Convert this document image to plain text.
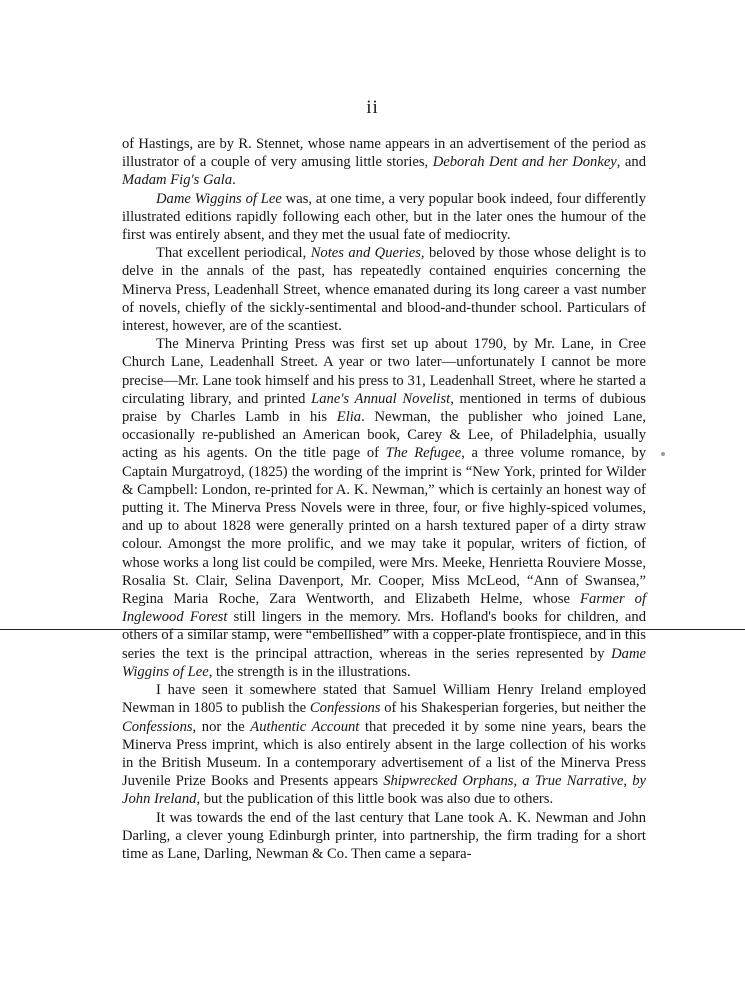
ii

of Hastings, are by R. Stennet, whose name appears in an advertisement of the period as illustrator of a couple of very amusing little stories, Deborah Dent and her Donkey, and Madam Fig's Gala.

Dame Wiggins of Lee was, at one time, a very popular book indeed, four differently illustrated editions rapidly following each other, but in the later ones the humour of the first was entirely absent, and they met the usual fate of mediocrity.

That excellent periodical, Notes and Queries, beloved by those whose delight is to delve in the annals of the past, has repeatedly contained enquiries concerning the Minerva Press, Leadenhall Street, whence emanated during its long career a vast number of novels, chiefly of the sickly-sentimental and blood-and-thunder school. Particulars of interest, however, are of the scantiest.

The Minerva Printing Press was first set up about 1790, by Mr. Lane, in Cree Church Lane, Leadenhall Street. A year or two later—unfortunately I cannot be more precise—Mr. Lane took himself and his press to 31, Leadenhall Street, where he started a circulating library, and printed Lane's Annual Novelist, mentioned in terms of dubious praise by Charles Lamb in his Elia. Newman, the publisher who joined Lane, occasionally re-published an American book, Carey & Lee, of Philadelphia, usually acting as his agents. On the title page of The Refugee, a three volume romance, by Captain Murgatroyd, (1825) the wording of the imprint is “New York, printed for Wilder & Campbell: London, re-printed for A. K. Newman,” which is certainly an honest way of putting it. The Minerva Press Novels were in three, four, or five highly-spiced volumes, and up to about 1828 were generally printed on a harsh textured paper of a dirty straw colour. Amongst the more prolific, and we may take it popular, writers of fiction, of whose works a long list could be compiled, were Mrs. Meeke, Henrietta Rouviere Mosse, Rosalia St. Clair, Selina Davenport, Mr. Cooper, Miss McLeod, “Ann of Swansea,” Regina Maria Roche, Zara Wentworth, and Elizabeth Helme, whose Farmer of Inglewood Forest still lingers in the memory. Mrs. Hofland's books for children, and others of a similar stamp, were “embellished” with a copper-plate frontispiece, and in this series the text is the principal attraction, whereas in the series represented by Dame Wiggins of Lee, the strength is in the illustrations.

I have seen it somewhere stated that Samuel William Henry Ireland employed Newman in 1805 to publish the Confessions of his Shakesperian forgeries, but neither the Confessions, nor the Authentic Account that preceded it by some nine years, bears the Minerva Press imprint, which is also entirely absent in the large collection of his works in the British Museum. In a contemporary advertisement of a list of the Minerva Press Juvenile Prize Books and Presents appears Shipwrecked Orphans, a True Narrative, by John Ireland, but the publication of this little book was also due to others.

It was towards the end of the last century that Lane took A. K. Newman and John Darling, a clever young Edinburgh printer, into partnership, the firm trading for a short time as Lane, Darling, Newman & Co. Then came a separa-
